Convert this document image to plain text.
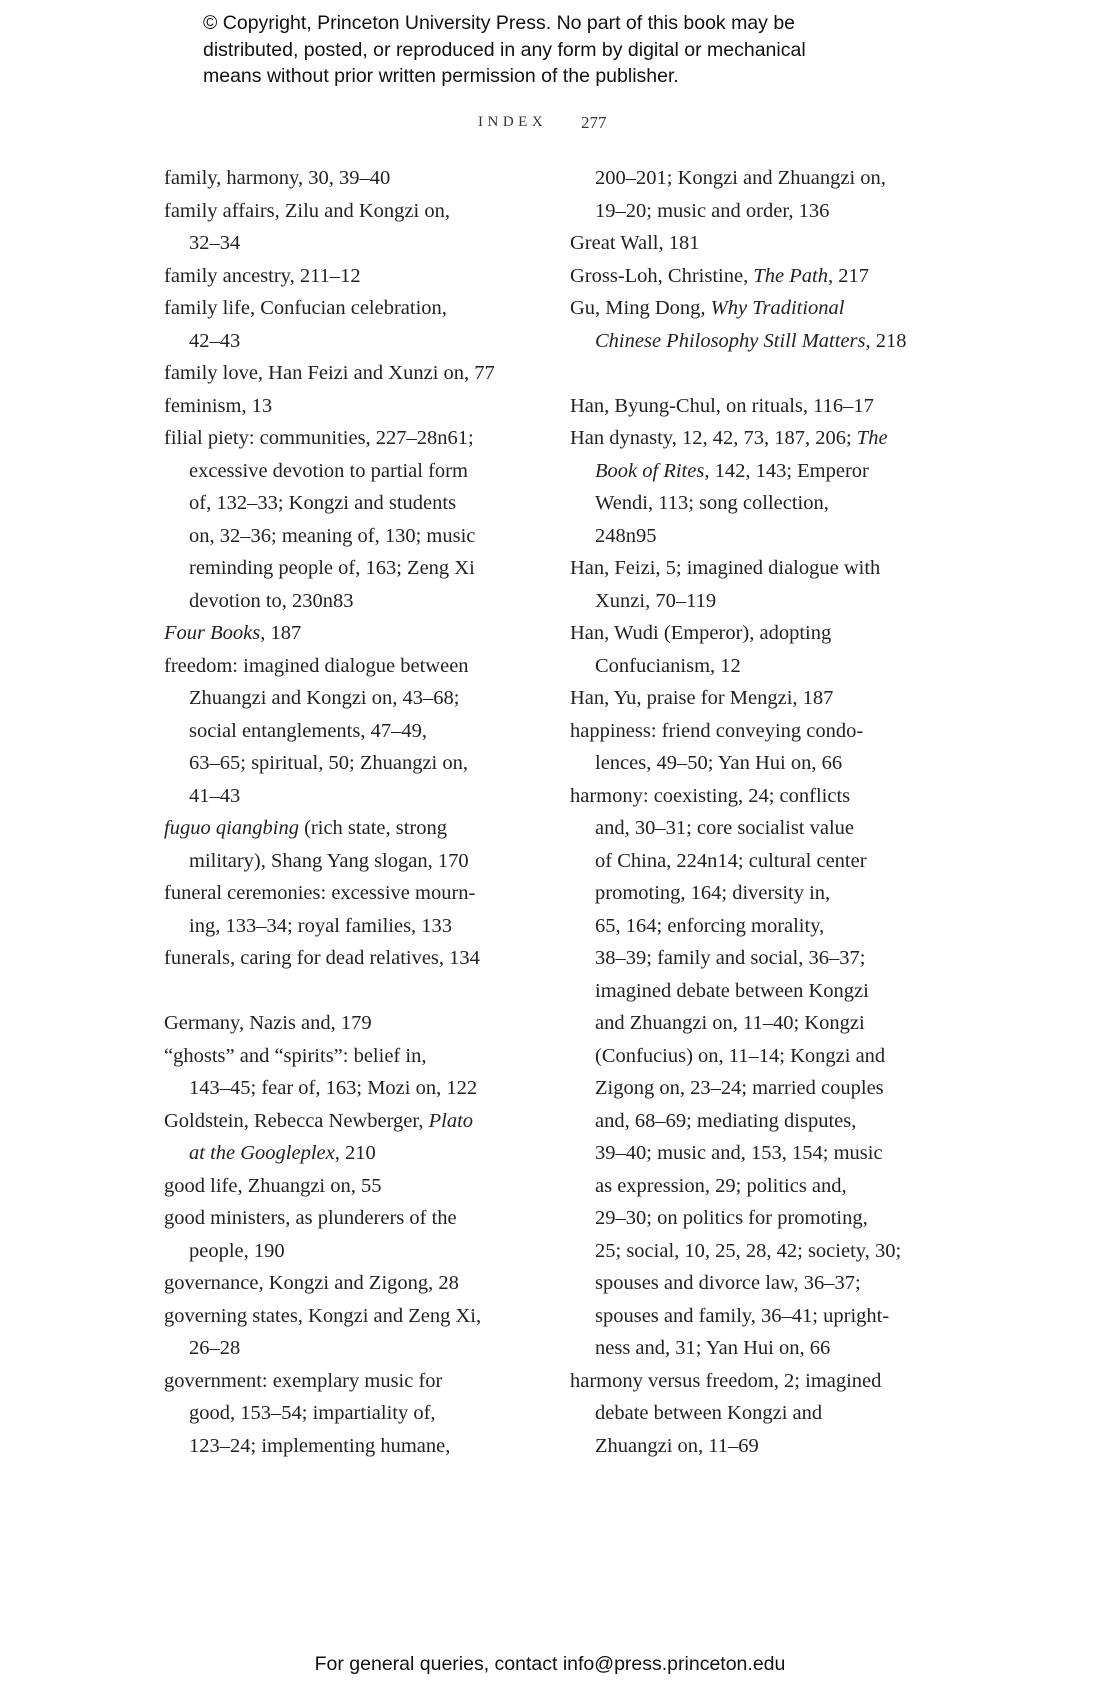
© Copyright, Princeton University Press. No part of this book may be
distributed, posted, or reproduced in any form by digital or mechanical
means without prior written permission of the publisher.
INDEX 277
family, harmony, 30, 39–40
family affairs, Zilu and Kongzi on,
32–34
family ancestry, 211–12
family life, Confucian celebration,
42–43
family love, Han Feizi and Xunzi on, 77
feminism, 13
filial piety: communities, 227–28n61;
excessive devotion to partial form
of, 132–33; Kongzi and students
on, 32–36; meaning of, 130; music
reminding people of, 163; Zeng Xi
devotion to, 230n83
Four Books, 187
freedom: imagined dialogue between
Zhuangzi and Kongzi on, 43–68;
social entanglements, 47–49,
63–65; spiritual, 50; Zhuangzi on,
41–43
fuguo qiangbing (rich state, strong
military), Shang Yang slogan, 170
funeral ceremonies: excessive mourn-
ing, 133–34; royal families, 133
funerals, caring for dead relatives, 134
Germany, Nazis and, 179
“ghosts” and “spirits”: belief in,
143–45; fear of, 163; Mozi on, 122
Goldstein, Rebecca Newberger, Plato
at the Googleplex, 210
good life, Zhuangzi on, 55
good ministers, as plunderers of the
people, 190
governance, Kongzi and Zigong, 28
governing states, Kongzi and Zeng Xi,
26–28
government: exemplary music for
good, 153–54; impartiality of,
123–24; implementing humane,
200–201; Kongzi and Zhuangzi on,
19–20; music and order, 136
Great Wall, 181
Gross-Loh, Christine, The Path, 217
Gu, Ming Dong, Why Traditional
Chinese Philosophy Still Matters, 218
Han, Byung-Chul, on rituals, 116–17
Han dynasty, 12, 42, 73, 187, 206; The
Book of Rites, 142, 143; Emperor
Wendi, 113; song collection,
248n95
Han, Feizi, 5; imagined dialogue with
Xunzi, 70–119
Han, Wudi (Emperor), adopting
Confucianism, 12
Han, Yu, praise for Mengzi, 187
happiness: friend conveying condo-
lences, 49–50; Yan Hui on, 66
harmony: coexisting, 24; conflicts
and, 30–31; core socialist value
of China, 224n14; cultural center
promoting, 164; diversity in,
65, 164; enforcing morality,
38–39; family and social, 36–37;
imagined debate between Kongzi
and Zhuangzi on, 11–40; Kongzi
(Confucius) on, 11–14; Kongzi and
Zigong on, 23–24; married couples
and, 68–69; mediating disputes,
39–40; music and, 153, 154; music
as expression, 29; politics and,
29–30; on politics for promoting,
25; social, 10, 25, 28, 42; society, 30;
spouses and divorce law, 36–37;
spouses and family, 36–41; upright-
ness and, 31; Yan Hui on, 66
harmony versus freedom, 2; imagined
debate between Kongzi and
Zhuangzi on, 11–69
For general queries, contact info@press.princeton.edu
